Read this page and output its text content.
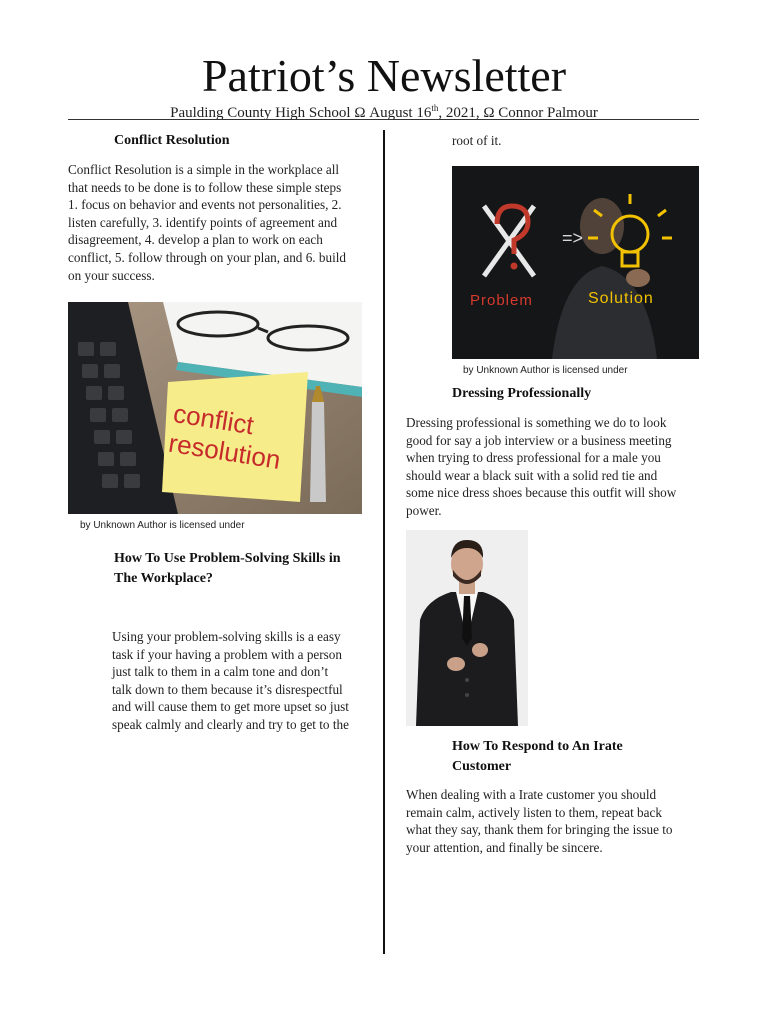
Patriot’s Newsletter
Paulding County High School Ω August 16th, 2021, Ω Connor Palmour
Conflict Resolution
Conflict Resolution is a simple in the workplace all
that needs to be done is to follow these simple steps
1. focus on behavior and events not personalities, 2.
listen carefully, 3. identify points of agreement and
disagreement, 4. develop a plan to work on each
conflict, 5. follow through on your plan, and 6. build
on your success.
conflict
resolution
by Unknown Author is licensed under
How To Use Problem-Solving Skills in
The Workplace?
Using your problem-solving skills is a easy
task if your having a problem with a person
just talk to them in a calm tone and don’t
talk down to them because it’s disrespectful
and will cause them to get more upset so just
speak calmly and clearly and try to get to the
root of it.
=>
Problem	Solution
by Unknown Author is licensed under
Dressing Professionally
Dressing professional is something we do to look
good for say a job interview or a business meeting
when trying to dress professional for a male you
should wear a black suit with a solid red tie and
some nice dress shoes because this outfit will show
power.
How To Respond to An Irate
Customer
When dealing with a Irate customer you should
remain calm, actively listen to them, repeat back
what they say, thank them for bringing the issue to
your attention, and finally be sincere.
